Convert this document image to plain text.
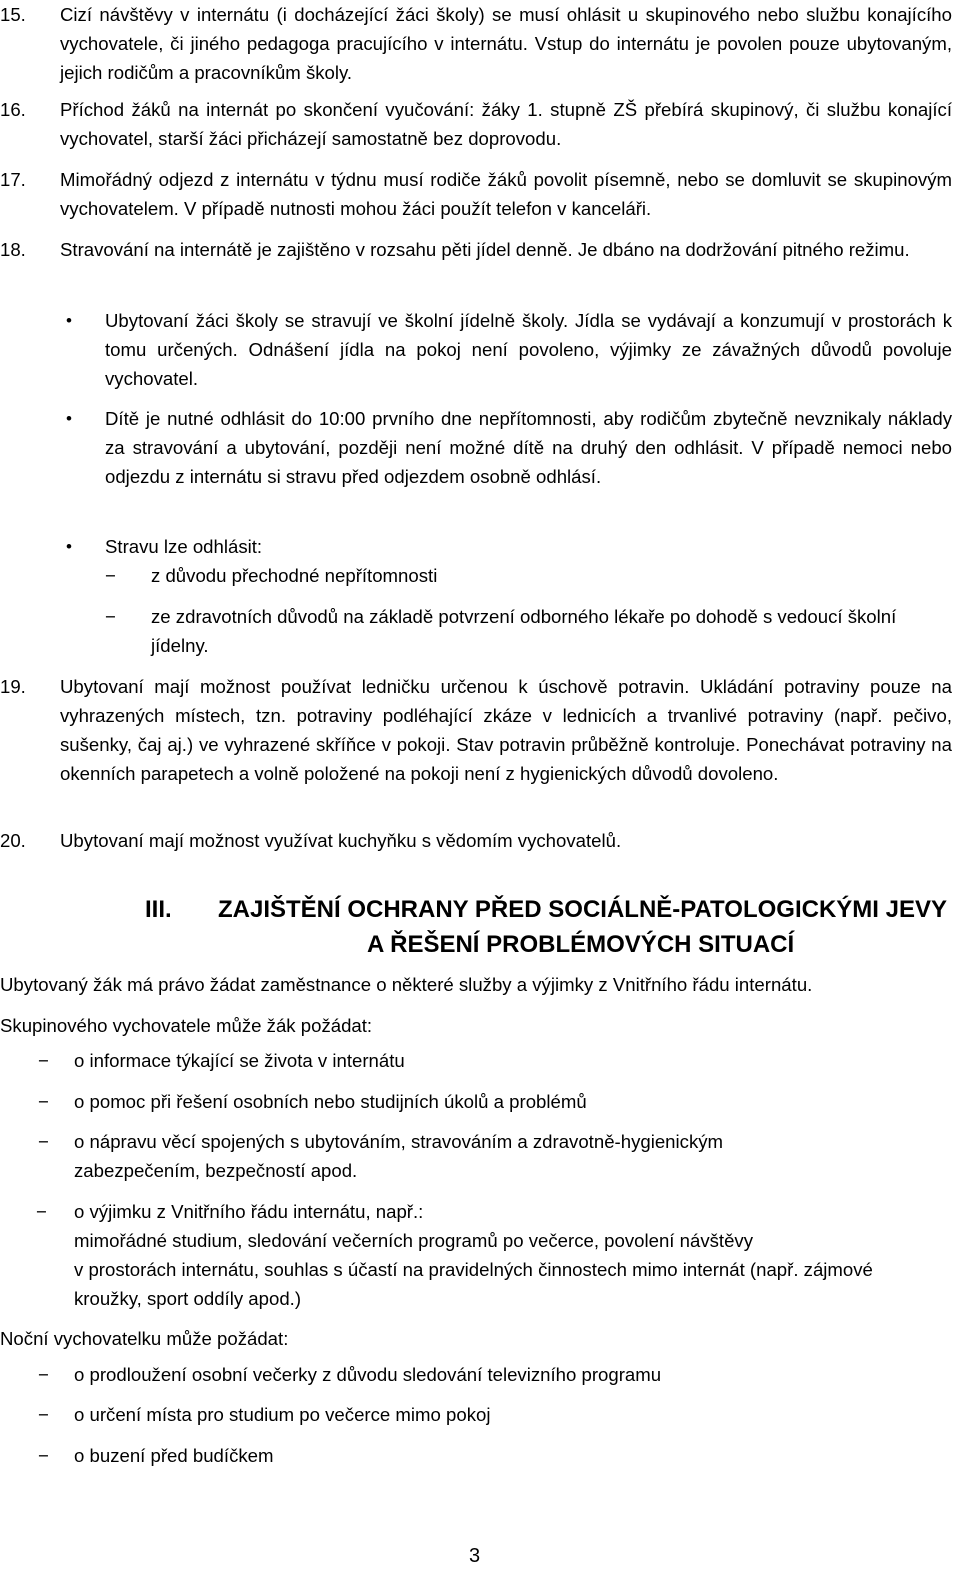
15. Cizí návštěvy v internátu (i docházející žáci školy) se musí ohlásit u skupinového nebo službu konajícího vychovatele, či jiného pedagoga pracujícího v internátu. Vstup do internátu je povolen pouze ubytovaným, jejich rodičům a pracovníkům školy.

16. Příchod žáků na internát po skončení vyučování: žáky 1. stupně ZŠ přebírá skupinový, či službu konající vychovatel, starší žáci přicházejí samostatně bez doprovodu.

17. Mimořádný odjezd z internátu v týdnu musí rodiče žáků povolit písemně, nebo se domluvit se skupinovým vychovatelem. V případě nutnosti mohou žáci použít telefon v kanceláři.

18. Stravování na internátě je zajištěno v rozsahu pěti jídel denně. Je dbáno na dodržování pitného režimu.

• Ubytovaní žáci školy se stravují ve školní jídelně školy. Jídla se vydávají a konzumují v prostorách k tomu určených. Odnášení jídla na pokoj není povoleno, výjimky ze závažných důvodů povoluje vychovatel.

• Dítě je nutné odhlásit do 10:00 prvního dne nepřítomnosti, aby rodičům zbytečně nevznikaly náklady za stravování a ubytování, později není možné dítě na druhý den odhlásit. V případě nemoci nebo odjezdu z internátu si stravu před odjezdem osobně odhlásí.

• Stravu lze odhlásit:

− z důvodu přechodné nepřítomnosti

− ze zdravotních důvodů na základě potvrzení odborného lékaře po dohodě s vedoucí školní jídelny.

19. Ubytovaní mají možnost používat ledničku určenou k úschově potravin. Ukládání potraviny pouze na vyhrazených místech, tzn. potraviny podléhající zkáze v lednicích a trvanlivé potraviny (např. pečivo, sušenky, čaj aj.) ve vyhrazené skříňce v pokoji. Stav potravin průběžně kontroluje. Ponechávat potraviny na okenních parapetech a volně položené na pokoji není z hygienických důvodů dovoleno.

20. Ubytovaní mají možnost využívat kuchyňku s vědomím vychovatelů.

III. ZAJIŠTĚNÍ OCHRANY PŘED SOCIÁLNĚ-PATOLOGICKÝMI JEVY
A ŘEŠENÍ PROBLÉMOVÝCH SITUACÍ

Ubytovaný žák má právo žádat zaměstnance o některé služby a výjimky z Vnitřního řádu internátu.

Skupinového vychovatele může žák požádat:

− o informace týkající se života v internátu

− o pomoc při řešení osobních nebo studijních úkolů a problémů

− o nápravu věcí spojených s ubytováním, stravováním a zdravotně-hygienickým zabezpečením, bezpečností apod.

− o výjimku z Vnitřního řádu internátu, např.:

mimořádné studium, sledování večerních programů po večerce, povolení návštěvy

v prostorách internátu, souhlas s účastí na pravidelných činnostech mimo internát (např. zájmové kroužky, sport oddíly apod.)

Noční vychovatelku může požádat:

− o prodloužení osobní večerky z důvodu sledování televizního programu

− o určení místa pro studium po večerce mimo pokoj

− o buzení před budíčkem

3
